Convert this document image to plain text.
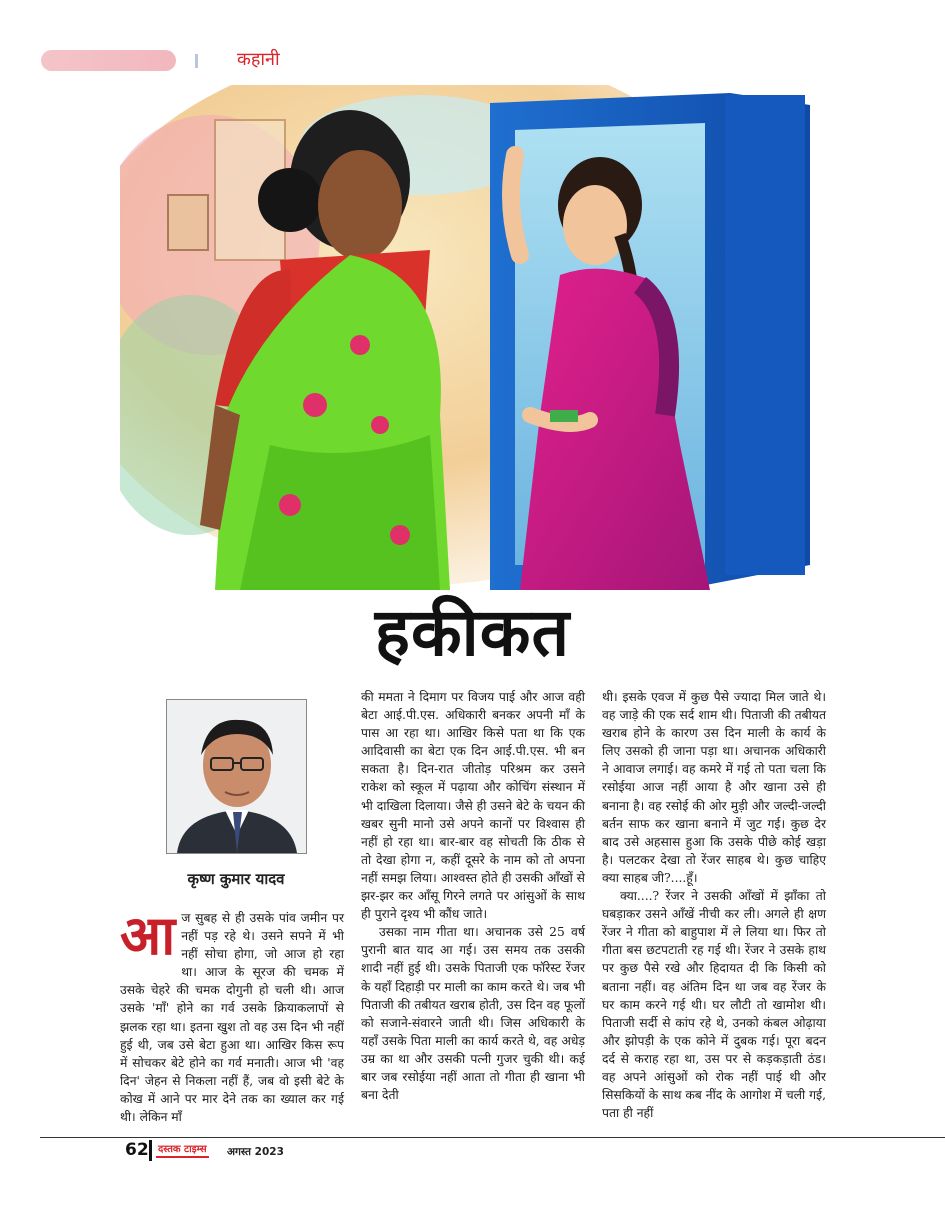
कहानी
हकीकत
कृष्ण कुमार यादव
आ ज सुबह से ही उसके पांव जमीन पर नहीं पड़ रहे थे। उसने सपने में भी नहीं सोचा होगा, जो आज हो रहा था। आज के सूरज की चमक में उसके चेहरे की चमक दोगुनी हो चली थी। आज उसके 'माँ' होने का गर्व उसके क्रियाकलापों से झलक रहा था। इतना खुश तो वह उस दिन भी नहीं हुई थी, जब उसे बेटा हुआ था। आखिर किस रूप में सोचकर बेटे होने का गर्व मनाती। आज भी 'वह दिन' जेहन से निकला नहीं हैं, जब वो इसी बेटे के कोख में आने पर मार देने तक का ख्याल कर गई थी। लेकिन माँ

की ममता ने दिमाग पर विजय पाई और आज वही बेटा आई.पी.एस. अधिकारी बनकर अपनी माँ के पास आ रहा था। आखिर किसे पता था कि एक आदिवासी का बेटा एक दिन आई.पी.एस. भी बन सकता है। दिन-रात जीतोड़ परिश्रम कर उसने राकेश को स्कूल में पढ़ाया और कोचिंग संस्थान में भी दाखिला दिलाया। जैसे ही उसने बेटे के चयन की खबर सुनी मानो उसे अपने कानों पर विश्वास ही नहीं हो रहा था। बार-बार वह सोचती कि ठीक से तो देखा होगा न, कहीं दूसरे के नाम को तो अपना नहीं समझ लिया। आश्वस्त होते ही उसकी आँखों से झर-झर कर आँसू गिरने लगते पर आंसुओं के साथ ही पुराने दृश्य भी कौंध जाते।

उसका नाम गीता था। अचानक उसे 25 वर्ष पुरानी बात याद आ गई। उस समय तक उसकी शादी नहीं हुई थी। उसके पिताजी एक फॉरेस्ट रेंजर के यहाँ दिहाड़ी पर माली का काम करते थे। जब भी पिताजी की तबीयत खराब होती, उस दिन वह फूलों को सजाने-संवारने जाती थी। जिस अधिकारी के यहाँ उसके पिता माली का कार्य करते थे, वह अधेड़ उम्र का था और उसकी पत्नी गुजर चुकी थी। कई बार जब रसोईया नहीं आता तो गीता ही खाना भी बना देती

थी। इसके एवज में कुछ पैसे ज्यादा मिल जाते थे। वह जाड़े की एक सर्द शाम थी। पिताजी की तबीयत खराब होने के कारण उस दिन माली के कार्य के लिए उसको ही जाना पड़ा था। अचानक अधिकारी ने आवाज लगाई। वह कमरे में गई तो पता चला कि रसोईया आज नहीं आया है और खाना उसे ही बनाना है। वह रसोई की ओर मुड़ी और जल्दी-जल्दी बर्तन साफ कर खाना बनाने में जुट गई। कुछ देर बाद उसे अहसास हुआ कि उसके पीछे कोई खड़ा है। पलटकर देखा तो रेंजर साहब थे। कुछ चाहिए क्या साहब जी?....हूँ।

क्या....? रेंजर ने उसकी आँखों में झाँका तो घबड़ाकर उसने आँखें नीची कर ली। अगले ही क्षण रेंजर ने गीता को बाहुपाश में ले लिया था। फिर तो गीता बस छटपटाती रह गई थी। रेंजर ने उसके हाथ पर कुछ पैसे रखे और हिदायत दी कि किसी को बताना नहीं। वह अंतिम दिन था जब वह रेंजर के घर काम करने गई थी। घर लौटी तो खामोश थी। पिताजी सर्दी से कांप रहे थे, उनको कंबल ओढ़ाया और झोपड़ी के एक कोने में दुबक गई। पूरा बदन दर्द से कराह रहा था, उस पर से कड़कड़ाती ठंड। वह अपने आंसुओं को रोक नहीं पाई थी और सिसकियों के साथ कब नींद के आगोश में चली गई, पता ही नहीं

62 दस्तक टाइम्स अगस्त 2023
